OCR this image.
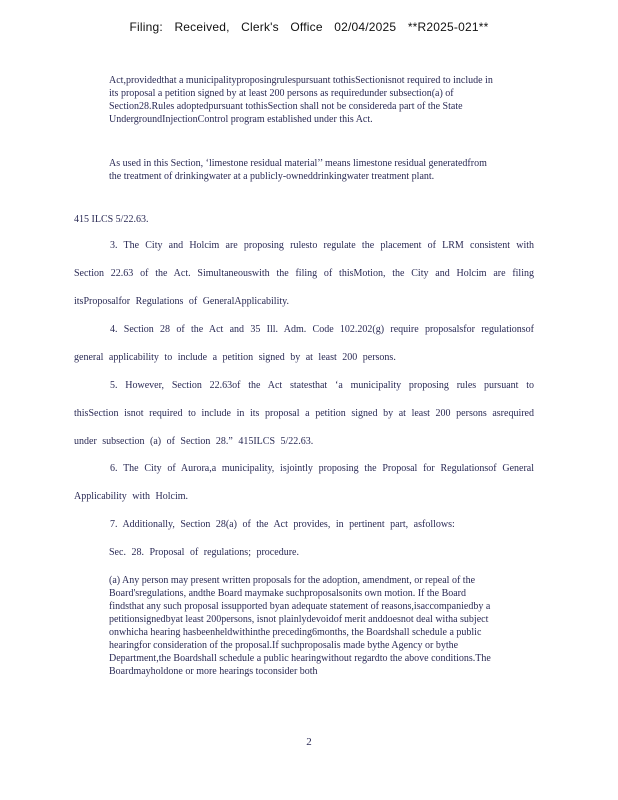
Filing: Received, Clerk's Office 02/04/2025 **R2025-021**

Act,providedthat a municipalityproposingrulespursuant tothisSectionisnot required to include in its proposal a petition signed by at least 200 persons as requiredunder subsection(a) of Section28.Rules adoptedpursuant tothisSection shall not be considereda part of the State UndergroundInjectionControl program established under this Act.

As used in this Section, ‘limestone residual material’’ means limestone residual generatedfrom the treatment of drinkingwater at a publicly-owneddrinkingwater treatment plant.

415 ILCS 5/22.63.

3. The City and Holcim are proposing rulesto regulate the placement of LRM consistent with Section 22.63 of the Act. Simultaneouswith the filing of thisMotion, the City and Holcim are filing itsProposalfor Regulations of GeneralApplicability.

4. Section 28 of the Act and 35 Ill. Adm. Code 102.202(g) require proposalsfor regulationsof general applicability to include a petition signed by at least 200 persons.

5. However, Section 22.63of the Act statesthat ‘a municipality proposing rules pursuant to thisSection isnot required to include in its proposal a petition signed by at least 200 persons asrequired under subsection (a) of Section 28.” 415ILCS 5/22.63.

6. The City of Aurora,a municipality, isjointly proposing the Proposal for Regulationsof General Applicability with Holcim.

7. Additionally, Section 28(a) of the Act provides, in pertinent part, asfollows:
Sec. 28. Proposal of regulations; procedure.

(a) Any person may present written proposals for the adoption, amendment, or repeal of the Board'sregulations, andthe Board maymake suchproposalsonits own motion. If the Board findsthat any such proposal issupported byan adequate statement of reasons,isaccompaniedby a petitionsignedbyat least 200persons, isnot plainlydevoidof merit anddoesnot deal witha subject onwhicha hearing hasbeenheldwithinthe preceding6months, the Boardshall schedule a public hearingfor consideration of the proposal.If suchproposalis made bythe Agency or bythe Department,the Boardshall schedule a public hearingwithout regardto the above conditions.The Boardmayholdone or more hearings toconsider both

2
